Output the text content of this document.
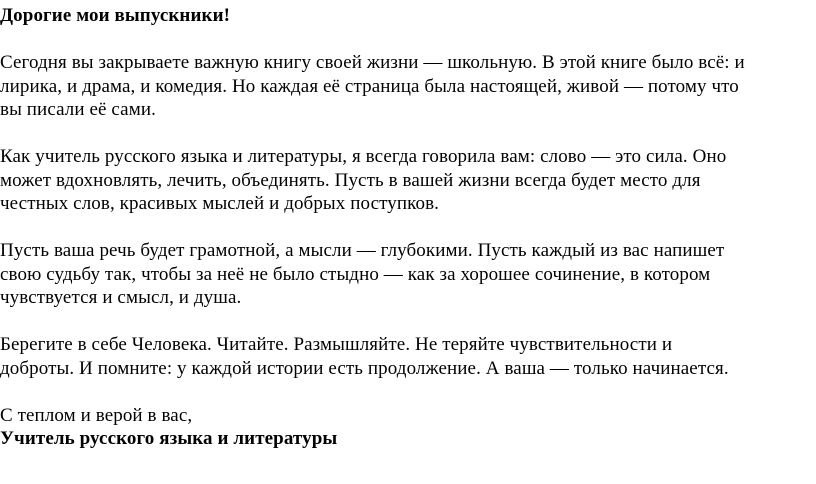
Дорогие мои выпускники!
Сегодня вы закрываете важную книгу своей жизни — школьную. В этой книге было всё: и
лирика, и драма, и комедия. Но каждая её страница была настоящей, живой — потому что
вы писали её сами.
Как учитель русского языка и литературы, я всегда говорила вам: слово — это сила. Оно
может вдохновлять, лечить, объединять. Пусть в вашей жизни всегда будет место для
честных слов, красивых мыслей и добрых поступков.
Пусть ваша речь будет грамотной, а мысли — глубокими. Пусть каждый из вас напишет
свою судьбу так, чтобы за неё не было стыдно — как за хорошее сочинение, в котором
чувствуется и смысл, и душа.
Берегите в себе Человека. Читайте. Размышляйте. Не теряйте чувствительности и
доброты. И помните: у каждой истории есть продолжение. А ваша — только начинается.
С теплом и верой в вас,
Учитель русского языка и литературы
